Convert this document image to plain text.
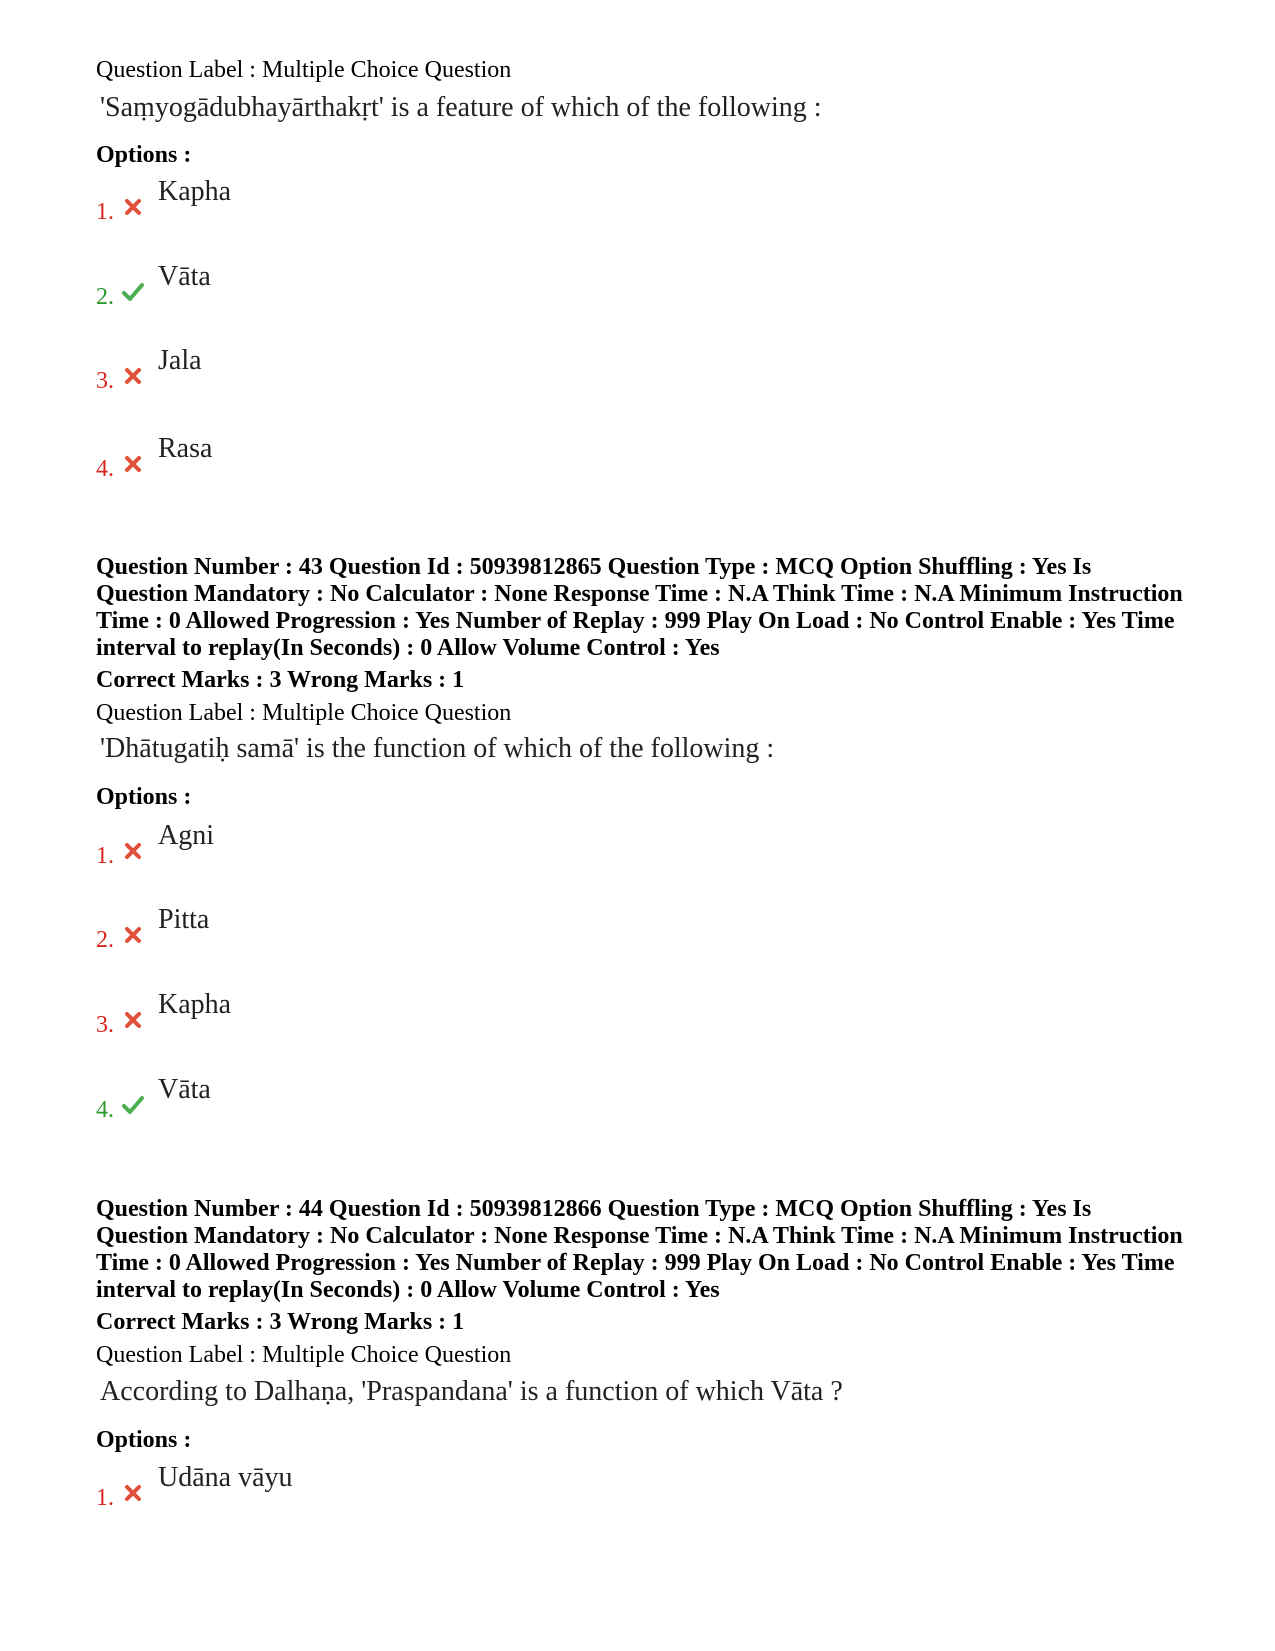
Question Label : Multiple Choice Question
'Saṃyogādubhayārthakṛt' is a feature of which of the following :
Options :
1.
Kapha
2.
Vāta
3.
Jala
4.
Rasa
Question Number : 43 Question Id : 50939812865 Question Type : MCQ Option Shuffling : Yes Is Question Mandatory : No Calculator : None Response Time : N.A Think Time : N.A Minimum Instruction Time : 0 Allowed Progression : Yes Number of Replay : 999 Play On Load : No Control Enable : Yes Time interval to replay(In Seconds) : 0 Allow Volume Control : Yes
Correct Marks : 3 Wrong Marks : 1
Question Label : Multiple Choice Question
'Dhātugatiḥ samā' is the function of which of the following :
Options :
1.
Agni
2.
Pitta
3.
Kapha
4.
Vāta
Question Number : 44 Question Id : 50939812866 Question Type : MCQ Option Shuffling : Yes Is Question Mandatory : No Calculator : None Response Time : N.A Think Time : N.A Minimum Instruction Time : 0 Allowed Progression : Yes Number of Replay : 999 Play On Load : No Control Enable : Yes Time interval to replay(In Seconds) : 0 Allow Volume Control : Yes
Correct Marks : 3 Wrong Marks : 1
Question Label : Multiple Choice Question
According to Dalhaṇa, 'Praspandana' is a function of which Vāta ?
Options :
1.
Udāna vāyu
